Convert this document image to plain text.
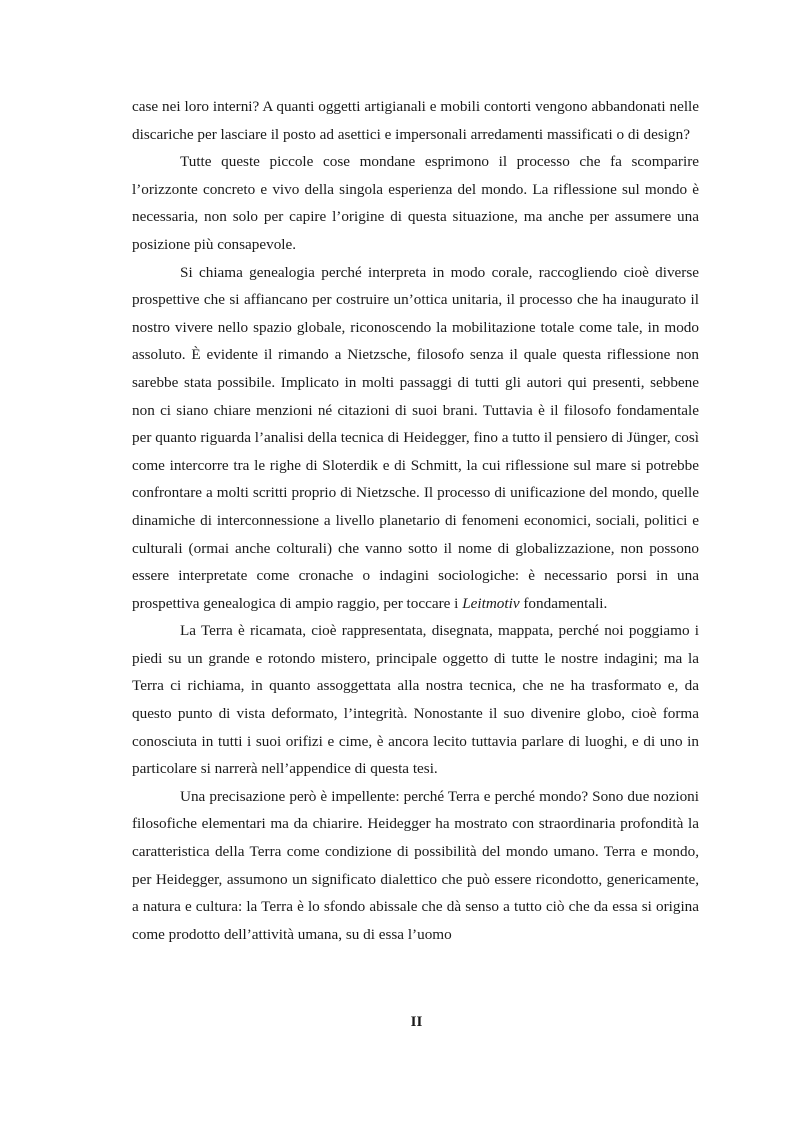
case nei loro interni? A quanti oggetti artigianali e mobili contorti vengono abbandonati nelle discariche per lasciare il posto ad asettici e impersonali arredamenti massificati o di design?

Tutte queste piccole cose mondane esprimono il processo che fa scomparire l’orizzonte concreto e vivo della singola esperienza del mondo. La riflessione sul mondo è necessaria, non solo per capire l’origine di questa situazione, ma anche per assumere una posizione più consapevole.

Si chiama genealogia perché interpreta in modo corale, raccogliendo cioè diverse prospettive che si affiancano per costruire un’ottica unitaria, il processo che ha inaugurato il nostro vivere nello spazio globale, riconoscendo la mobilitazione totale come tale, in modo assoluto. È evidente il rimando a Nietzsche, filosofo senza il quale questa riflessione non sarebbe stata possibile. Implicato in molti passaggi di tutti gli autori qui presenti, sebbene non ci siano chiare menzioni né citazioni di suoi brani. Tuttavia è il filosofo fondamentale per quanto riguarda l’analisi della tecnica di Heidegger, fino a tutto il pensiero di Jünger, così come intercorre tra le righe di Sloterdik e di Schmitt, la cui riflessione sul mare si potrebbe confrontare a molti scritti proprio di Nietzsche. Il processo di unificazione del mondo, quelle dinamiche di interconnessione a livello planetario di fenomeni economici, sociali, politici e culturali (ormai anche colturali) che vanno sotto il nome di globalizzazione, non possono essere interpretate come cronache o indagini sociologiche: è necessario porsi in una prospettiva genealogica di ampio raggio, per toccare i Leitmotiv fondamentali.

La Terra è ricamata, cioè rappresentata, disegnata, mappata, perché noi poggiamo i piedi su un grande e rotondo mistero, principale oggetto di tutte le nostre indagini; ma la Terra ci richiama, in quanto assoggettata alla nostra tecnica, che ne ha trasformato e, da questo punto di vista deformato, l’integrità. Nonostante il suo divenire globo, cioè forma conosciuta in tutti i suoi orifizi e cime, è ancora lecito tuttavia parlare di luoghi, e di uno in particolare si narrerà nell’appendice di questa tesi.

Una precisazione però è impellente: perché Terra e perché mondo? Sono due nozioni filosofiche elementari ma da chiarire. Heidegger ha mostrato con straordinaria profondità la caratteristica della Terra come condizione di possibilità del mondo umano. Terra e mondo, per Heidegger, assumono un significato dialettico che può essere ricondotto, genericamente, a natura e cultura: la Terra è lo sfondo abissale che dà senso a tutto ciò che da essa si origina come prodotto dell’attività umana, su di essa l’uomo

II
